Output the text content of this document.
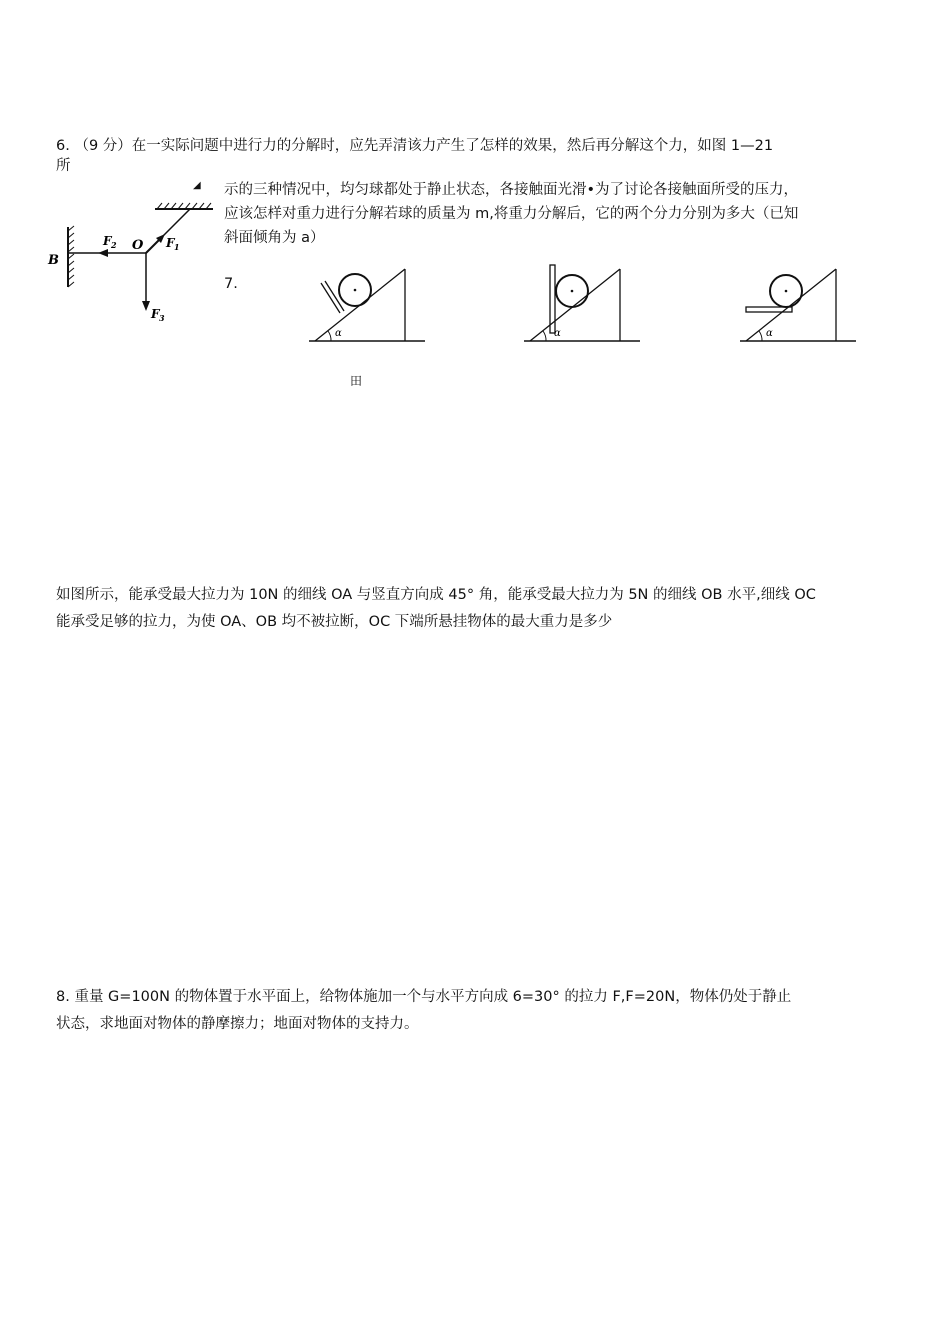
6. （9 分）在一实际问题中进行力的分解时，应先弄清该力产生了怎样的效果，然后再分解这个力，如图 1—21
所
◢ 示的三种情况中，均匀球都处于静止状态，各接触面光滑•为了讨论各接触面所受的压力，
应该怎样对重力进行分解若球的质量为 m,将重力分解后，它的两个分力分别为多大（已知
斜面倾角为 a）
B
O F 1
F 2
F 3
7.
α	α	α
田
如图所示，能承受最大拉力为 10N 的细线 OA 与竖直方向成 45° 角，能承受最大拉力为 5N 的细线 OB 水平,细线 OC
能承受足够的拉力，为使 OA、OB 均不被拉断，OC 下端所悬挂物体的最大重力是多少
8. 重量 G=100N 的物体置于水平面上，给物体施加一个与水平方向成 6=30° 的拉力 F,F=20N，物体仍处于静止
状态，求地面对物体的静摩擦力；地面对物体的支持力。
